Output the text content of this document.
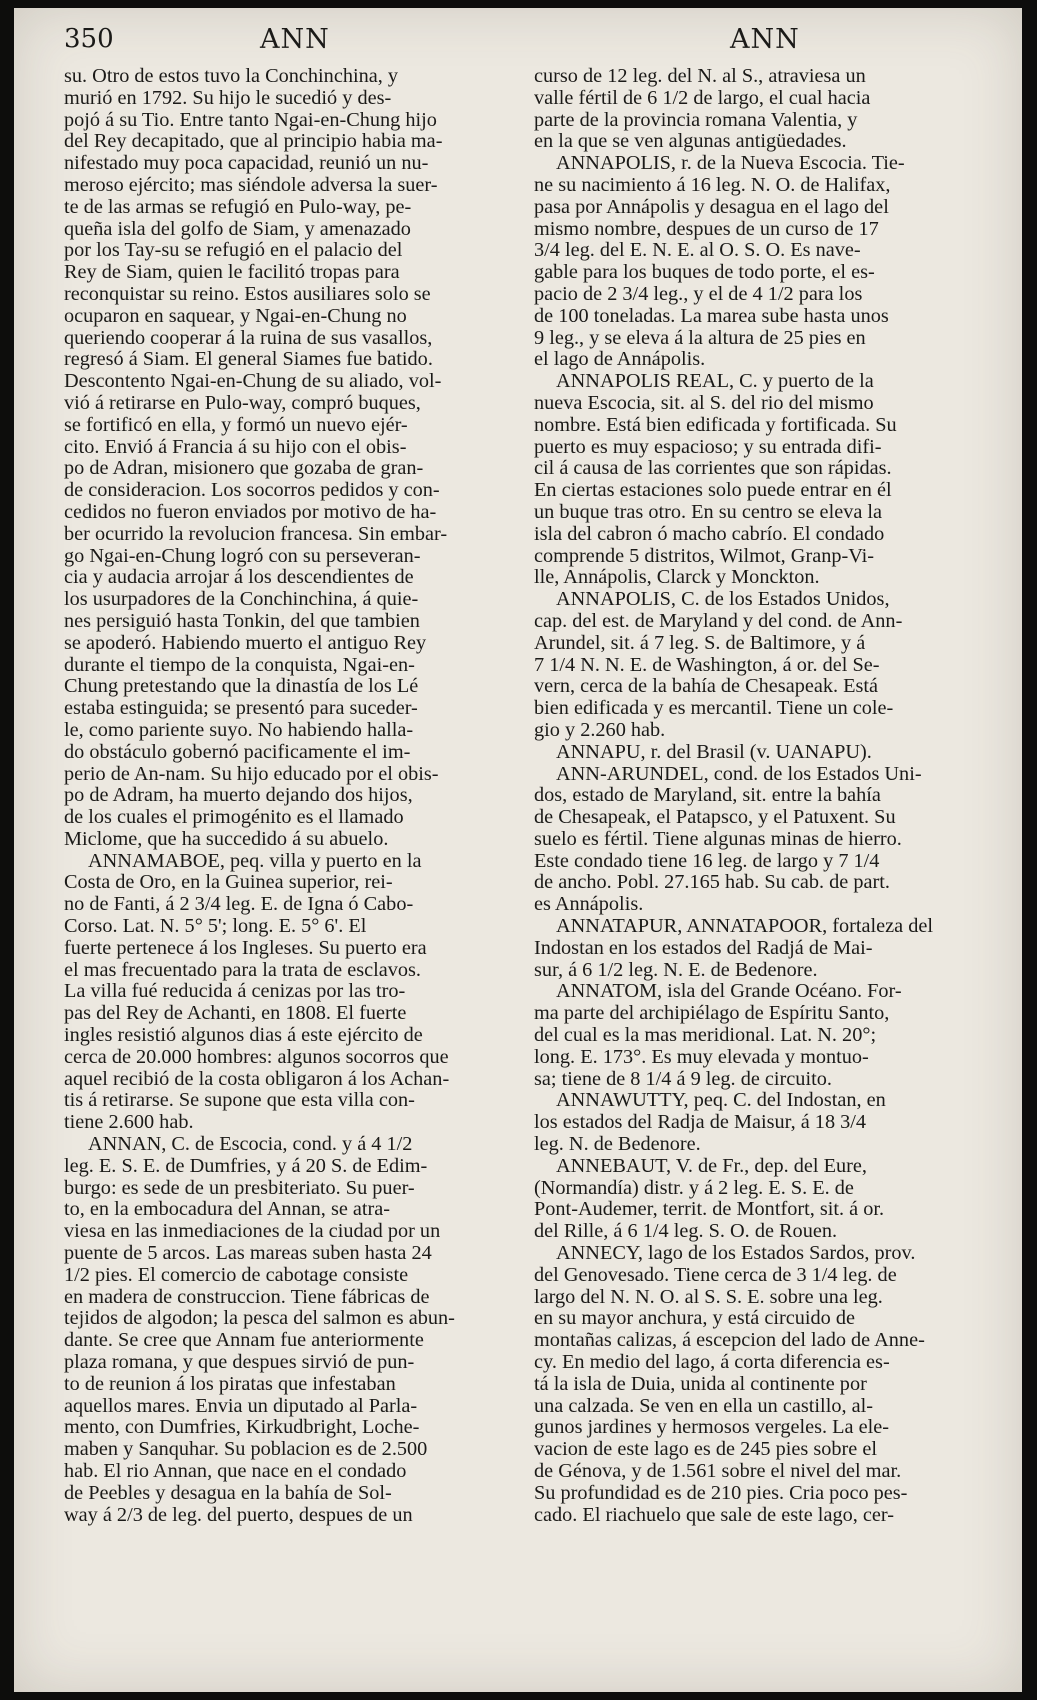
350	ANN	ANN
su. Otro de estos tuvo la Conchinchina, y
murió en 1792. Su hijo le sucedió y des-
pojó á su Tio. Entre tanto Ngai-en-Chung hijo
del Rey decapitado, que al principio habia ma-
nifestado muy poca capacidad, reunió un nu-
meroso ejército; mas siéndole adversa la suer-
te de las armas se refugió en Pulo-way, pe-
queña isla del golfo de Siam, y amenazado
por los Tay-su se refugió en el palacio del
Rey de Siam, quien le facilitó tropas para
reconquistar su reino. Estos ausiliares solo se
ocuparon en saquear, y Ngai-en-Chung no
queriendo cooperar á la ruina de sus vasallos,
regresó á Siam. El general Siames fue batido.
Descontento Ngai-en-Chung de su aliado, vol-
vió á retirarse en Pulo-way, compró buques,
se fortificó en ella, y formó un nuevo ejér-
cito. Envió á Francia á su hijo con el obis-
po de Adran, misionero que gozaba de gran-
de consideracion. Los socorros pedidos y con-
cedidos no fueron enviados por motivo de ha-
ber ocurrido la revolucion francesa. Sin embar-
go Ngai-en-Chung logró con su perseveran-
cia y audacia arrojar á los descendientes de
los usurpadores de la Conchinchina, á quie-
nes persiguió hasta Tonkin, del que tambien
se apoderó. Habiendo muerto el antiguo Rey
durante el tiempo de la conquista, Ngai-en-
Chung pretestando que la dinastía de los Lé
estaba estinguida; se presentó para suceder-
le, como pariente suyo. No habiendo halla-
do obstáculo gobernó pacificamente el im-
perio de An-nam. Su hijo educado por el obis-
po de Adram, ha muerto dejando dos hijos,
de los cuales el primogénito es el llamado
Miclome, que ha succedido á su abuelo.
ANNAMABOE, peq. villa y puerto en la
Costa de Oro, en la Guinea superior, rei-
no de Fanti, á 2 3/4 leg. E. de Igna ó Cabo-
Corso. Lat. N. 5° 5'; long. E. 5° 6'. El
fuerte pertenece á los Ingleses. Su puerto era
el mas frecuentado para la trata de esclavos.
La villa fué reducida á cenizas por las tro-
pas del Rey de Achanti, en 1808. El fuerte
ingles resistió algunos dias á este ejército de
cerca de 20.000 hombres: algunos socorros que
aquel recibió de la costa obligaron á los Achan-
tis á retirarse. Se supone que esta villa con-
tiene 2.600 hab.
ANNAN, C. de Escocia, cond. y á 4 1/2
leg. E. S. E. de Dumfries, y á 20 S. de Edim-
burgo: es sede de un presbiteriato. Su puer-
to, en la embocadura del Annan, se atra-
viesa en las inmediaciones de la ciudad por un
puente de 5 arcos. Las mareas suben hasta 24
1/2 pies. El comercio de cabotage consiste
en madera de construccion. Tiene fábricas de
tejidos de algodon; la pesca del salmon es abun-
dante. Se cree que Annam fue anteriormente
plaza romana, y que despues sirvió de pun-
to de reunion á los piratas que infestaban
aquellos mares. Envia un diputado al Parla-
mento, con Dumfries, Kirkudbright, Loche-
maben y Sanquhar. Su poblacion es de 2.500
hab. El rio Annan, que nace en el condado
de Peebles y desagua en la bahía de Sol-
way á 2/3 de leg. del puerto, despues de un
curso de 12 leg. del N. al S., atraviesa un
valle fértil de 6 1/2 de largo, el cual hacia
parte de la provincia romana Valentia, y
en la que se ven algunas antigüedades.
ANNAPOLIS, r. de la Nueva Escocia. Tie-
ne su nacimiento á 16 leg. N. O. de Halifax,
pasa por Annápolis y desagua en el lago del
mismo nombre, despues de un curso de 17
3/4 leg. del E. N. E. al O. S. O. Es nave-
gable para los buques de todo porte, el es-
pacio de 2 3/4 leg., y el de 4 1/2 para los
de 100 toneladas. La marea sube hasta unos
9 leg., y se eleva á la altura de 25 pies en
el lago de Annápolis.
ANNAPOLIS REAL, C. y puerto de la
nueva Escocia, sit. al S. del rio del mismo
nombre. Está bien edificada y fortificada. Su
puerto es muy espacioso; y su entrada difi-
cil á causa de las corrientes que son rápidas.
En ciertas estaciones solo puede entrar en él
un buque tras otro. En su centro se eleva la
isla del cabron ó macho cabrío. El condado
comprende 5 distritos, Wilmot, Granp-Vi-
lle, Annápolis, Clarck y Monckton.
ANNAPOLIS, C. de los Estados Unidos,
cap. del est. de Maryland y del cond. de Ann-
Arundel, sit. á 7 leg. S. de Baltimore, y á
7 1/4 N. N. E. de Washington, á or. del Se-
vern, cerca de la bahía de Chesapeak. Está
bien edificada y es mercantil. Tiene un cole-
gio y 2.260 hab.
ANNAPU, r. del Brasil (v. UANAPU).
ANN-ARUNDEL, cond. de los Estados Uni-
dos, estado de Maryland, sit. entre la bahía
de Chesapeak, el Patapsco, y el Patuxent. Su
suelo es fértil. Tiene algunas minas de hierro.
Este condado tiene 16 leg. de largo y 7 1/4
de ancho. Pobl. 27.165 hab. Su cab. de part.
es Annápolis.
ANNATAPUR, ANNATAPOOR, fortaleza del
Indostan en los estados del Radjá de Mai-
sur, á 6 1/2 leg. N. E. de Bedenore.
ANNATOM, isla del Grande Océano. For-
ma parte del archipiélago de Espíritu Santo,
del cual es la mas meridional. Lat. N. 20°;
long. E. 173°. Es muy elevada y montuo-
sa; tiene de 8 1/4 á 9 leg. de circuito.
ANNAWUTTY, peq. C. del Indostan, en
los estados del Radja de Maisur, á 18 3/4
leg. N. de Bedenore.
ANNEBAUT, V. de Fr., dep. del Eure,
(Normandía) distr. y á 2 leg. E. S. E. de
Pont-Audemer, territ. de Montfort, sit. á or.
del Rille, á 6 1/4 leg. S. O. de Rouen.
ANNECY, lago de los Estados Sardos, prov.
del Genovesado. Tiene cerca de 3 1/4 leg. de
largo del N. N. O. al S. S. E. sobre una leg.
en su mayor anchura, y está circuido de
montañas calizas, á escepcion del lado de Anne-
cy. En medio del lago, á corta diferencia es-
tá la isla de Duia, unida al continente por
una calzada. Se ven en ella un castillo, al-
gunos jardines y hermosos vergeles. La ele-
vacion de este lago es de 245 pies sobre el
de Génova, y de 1.561 sobre el nivel del mar.
Su profundidad es de 210 pies. Cria poco pes-
cado. El riachuelo que sale de este lago, cer-
